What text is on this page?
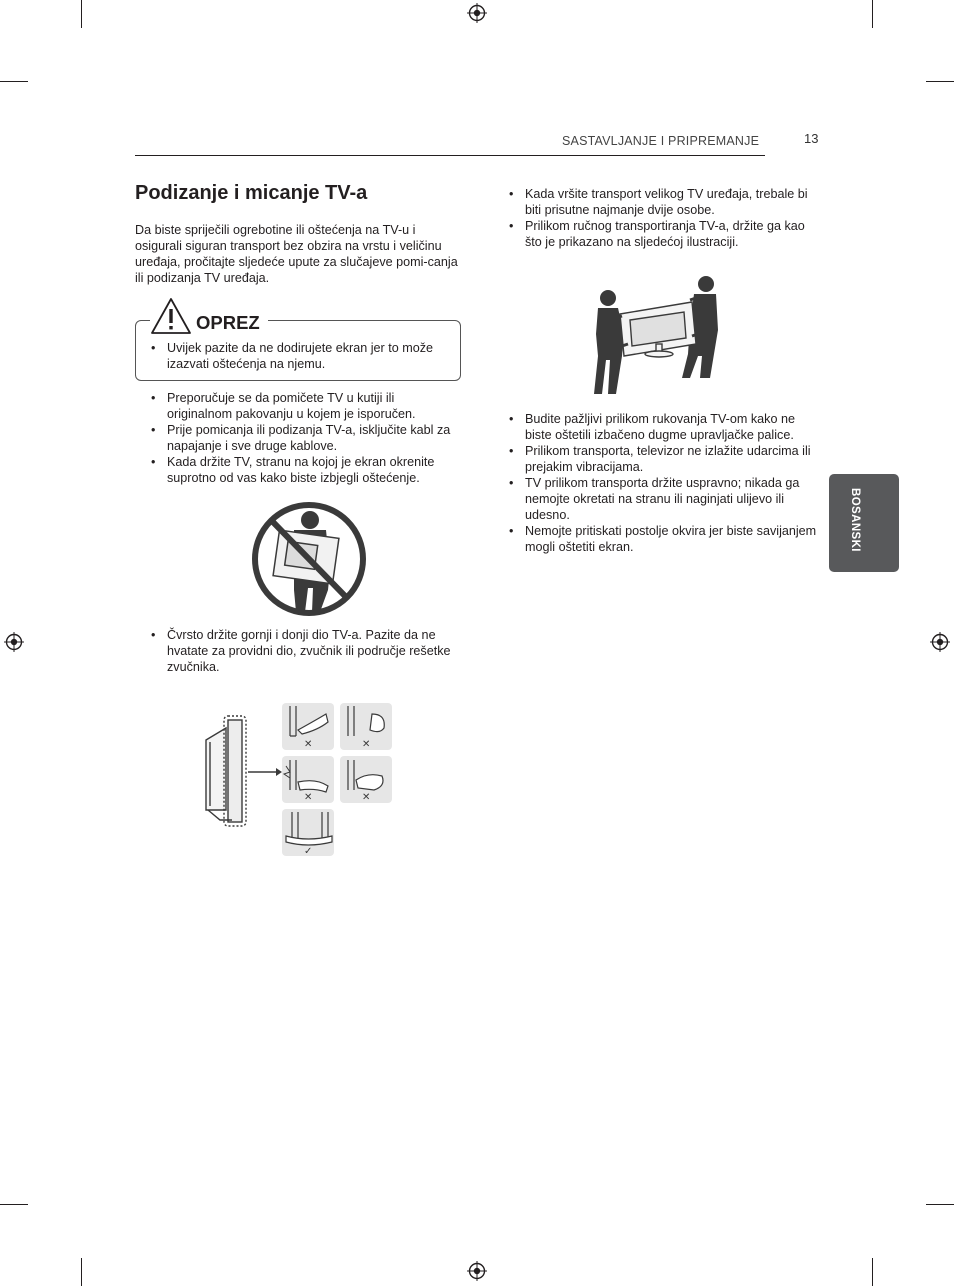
SASTAVLJANJE I PRIPREMANJE	13
Podizanje i micanje TV-a
Da biste spriječili ogrebotine ili oštećenja na TV-u i osigurali siguran transport bez obzira na vrstu i veličinu uređaja, pročitajte sljedeće upute za slučajeve pomi-canja ili podizanja TV uređaja.
OPREZ
• Uvijek pazite da ne dodirujete ekran jer to može izazvati oštećenja na njemu.
• Preporučuje se da pomičete TV u kutiji ili originalnom pakovanju u kojem je isporučen.
• Prije pomicanja ili podizanja TV-a, isključite kabl za napajanje i sve druge kablove.
• Kada držite TV, stranu na kojoj je ekran okrenite suprotno od vas kako biste izbjegli oštećenje.
• Čvrsto držite gornji i donji dio TV-a. Pazite da ne hvatate za providni dio, zvučnik ili područje rešetke zvučnika.
✕	✕
✕	✕
✓
• Kada vršite transport velikog TV uređaja, trebale bi biti prisutne najmanje dvije osobe.
• Prilikom ručnog transportiranja TV-a, držite ga kao što je prikazano na sljedećoj ilustraciji.
• Budite pažljivi prilikom rukovanja TV-om kako ne biste oštetili izbačeno dugme upravljačke palice.
• Prilikom transporta, televizor ne izlažite udarcima ili prejakim vibracijama.
• TV prilikom transporta držite uspravno; nikada ga nemojte okretati na stranu ili naginjati ulijevo ili udesno.
• Nemojte pritiskati postolje okvira jer biste savijanjem mogli oštetiti ekran.	BOSANSKI
